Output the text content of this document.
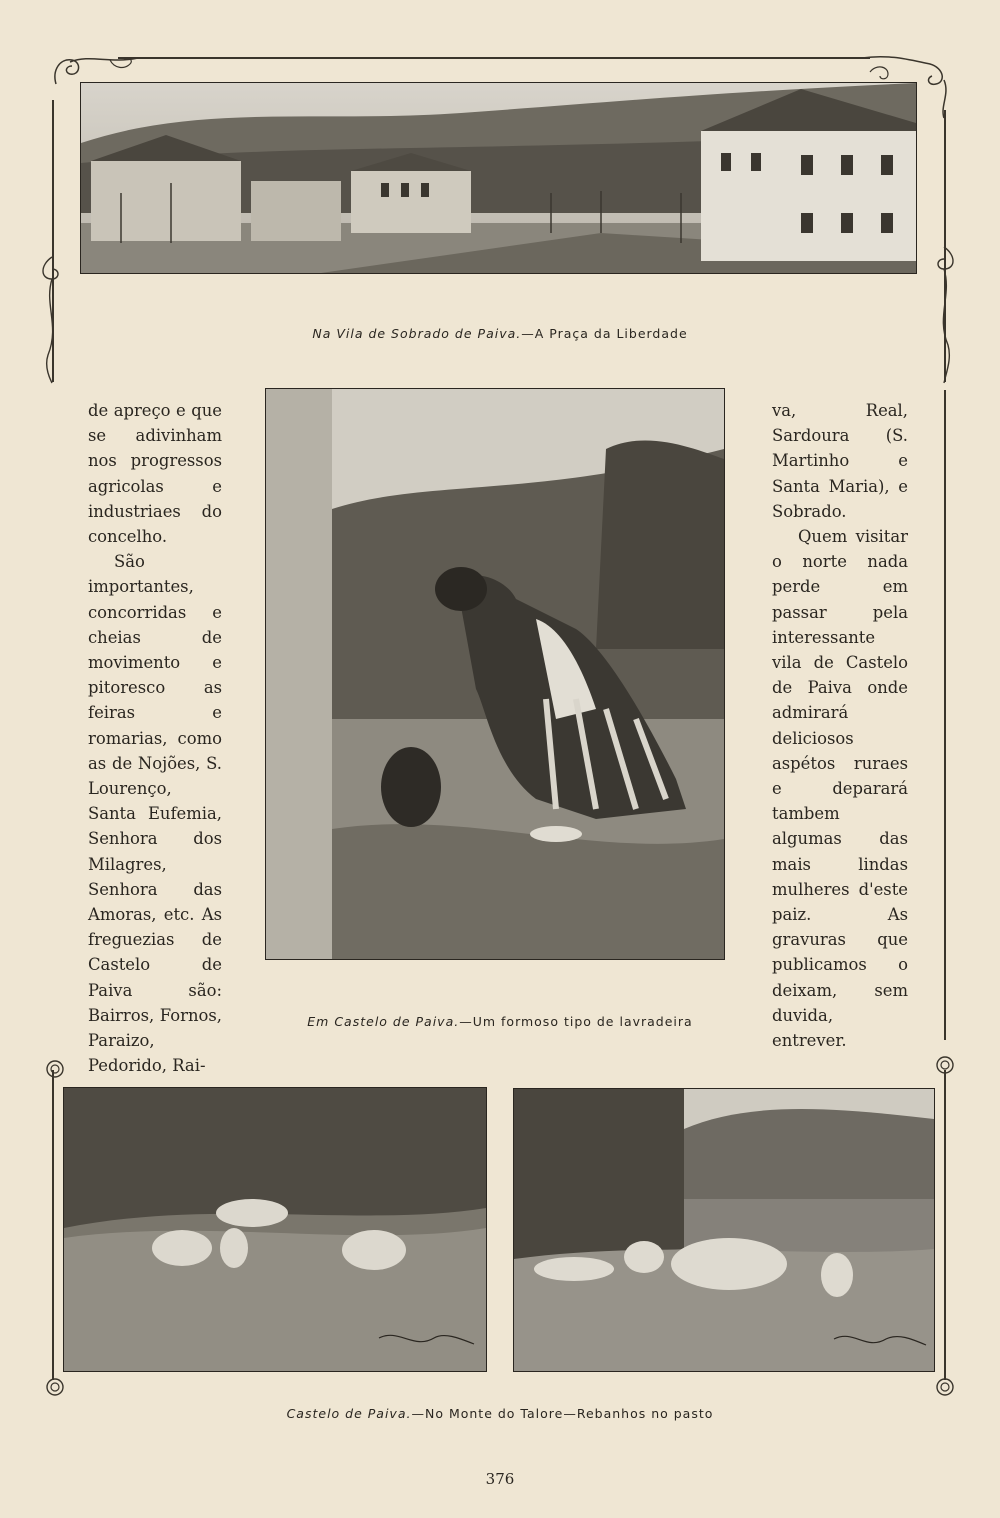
Na Vila de Sobrado de Paiva.—A Praça da Liberdade
Em Castelo de Paiva.—Um formoso tipo de lavradeira

de apreço e que se adivinham nos progressos agricolas e industriaes do concelho.

São importantes, concorridas e cheias de movimento e pitoresco as feiras e romarias, como as de Nojões, S. Lourenço, Santa Eufemia, Senhora dos Milagres, Senhora das Amoras, etc. As freguezias de Castelo de Paiva são: Bairros, Fornos, Paraizo, Pedorido, Rai-

va, Real, Sardoura (S. Martinho e Santa Maria), e Sobrado.

Quem visitar o norte nada perde em passar pela interessante vila de Castelo de Paiva onde admirará deliciosos aspétos ruraes e deparará tambem algumas das mais lindas mulheres d'este paiz. As gravuras que publicamos o deixam, sem duvida, entrever.

Castelo de Paiva.—No Monte do Talore—Rebanhos no pasto
376
